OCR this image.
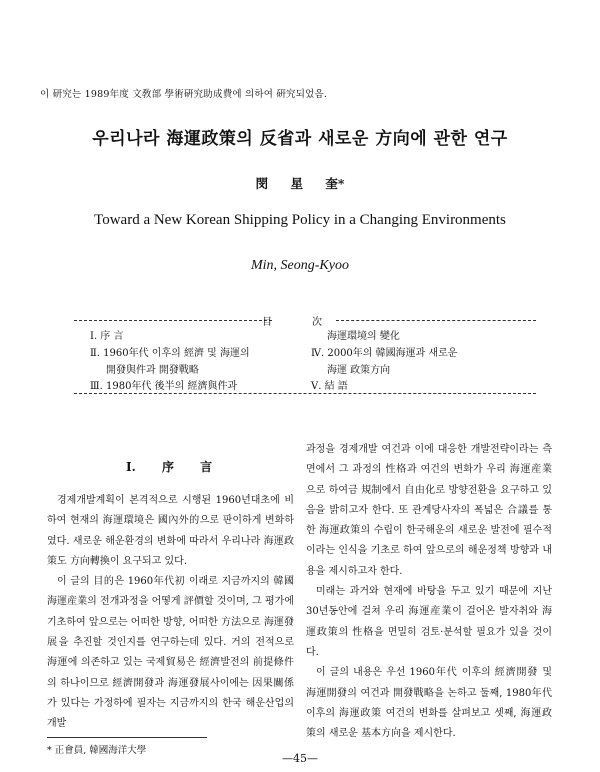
이 研究는 1989年度 文敎部 學術硏究助成費에 의하여 硏究되었음.
우리나라 海運政策의 反省과 새로운 方向에 관한 연구
閔 星 奎*
Toward a New Korean Shipping Policy in a Changing Environments
Min, Seong-Kyoo
目	次
Ⅰ. 序 言
Ⅱ. 1960年代 이후의 經濟 및 海運의
開發與件과 開發戰略
Ⅲ. 1980年代 後半의 經濟與件과
海運環境의 變化
Ⅳ. 2000年의 韓國海運과 새로운
海運 政策方向
Ⅴ. 結 語
Ⅰ. 序 言

경제개발계획이 본격적으로 시행된 1960년대초에 비하여 현재의 海運環境은 國內外的으로 판이하게 변화하였다. 새로운 해운환경의 변화에 따라서 우리나라 海運政策도 方向轉換이 요구되고 있다.

이 글의 目的은 1960年代初 이래로 지금까지의 韓國海運産業의 전개과정을 어떻게 評價할 것이며, 그 평가에 기초하여 앞으로는 어떠한 방향, 어떠한 方法으로 海運發展을 추진할 것인지를 연구하는데 있다. 거의 전적으로 海運에 의존하고 있는 국제貿易은 經濟발전의 前提條件의 하나이므로 經濟開發과 海運發展사이에는 因果關係가 있다는 가정하에 필자는 지금까지의 한국 해운산업의 개발

과정을 경제개발 여건과 이에 대응한 개발전략이라는 측면에서 그 과정의 性格과 여건의 변화가 우리 海運産業으로 하여금 規制에서 自由化로 방향전환을 요구하고 있음을 밝히고자 한다. 또 관계당사자의 폭넓은 合議를 통한 海運政策의 수립이 한국해운의 새로운 발전에 필수적이라는 인식을 기초로 하여 앞으로의 해운정책 방향과 내용을 제시하고자 한다.

미래는 과거와 현재에 바탕을 두고 있기 때문에 지난 30년동안에 걸쳐 우리 海運産業이 걸어온 발자취와 海運政策의 性格을 면밀히 검토·분석할 필요가 있을 것이다.

이 글의 내용은 우선 1960年代 이후의 經濟開發 및 海運開發의 여건과 開發戰略을 논하고 둘째, 1980年代 이후의 海運政策 여건의 변화를 살펴보고 셋째, 海運政策의 새로운 基本方向을 제시한다.

* 正會員, 韓國海洋大學
—45—
